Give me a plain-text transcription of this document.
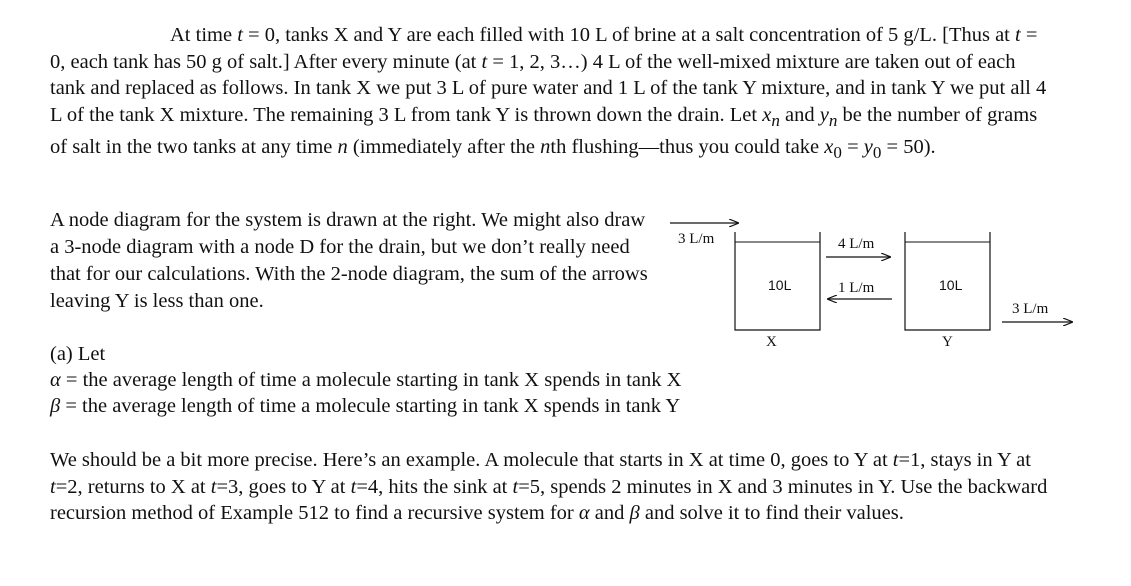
At time t = 0, tanks X and Y are each filled with 10 L of brine at a salt concentration of 5 g/L. [Thus at t = 0, each tank has 50 g of salt.] After every minute (at t = 1, 2, 3…) 4 L of the well-mixed mixture are taken out of each tank and replaced as follows. In tank X we put 3 L of pure water and 1 L of the tank Y mixture, and in tank Y we put all 4 L of the tank X mixture. The remaining 3 L from tank Y is thrown down the drain. Let $x_n$ and $y_n$ be the number of grams of salt in the two tanks at any time n (immediately after the nth flushing—thus you could take $x_0 = y_0 = 50$).

A node diagram for the system is drawn at the right. We might also draw a 3-node diagram with a node D for the drain, but we don’t really need that for our calculations. With the 2-node diagram, the sum of the arrows leaving Y is less than one.

3 L/m	4 L/m
1 L/m
3 L/m
10L	10L
X	Y
(a) Let
α = the average length of time a molecule starting in tank X spends in tank X
β = the average length of time a molecule starting in tank X spends in tank Y

We should be a bit more precise. Here’s an example. A molecule that starts in X at time 0, goes to Y at t=1, stays in Y at t=2, returns to X at t=3, goes to Y at t=4, hits the sink at t=5, spends 2 minutes in X and 3 minutes in Y. Use the backward recursion method of Example 512 to find a recursive system for α and β and solve it to find their values.
